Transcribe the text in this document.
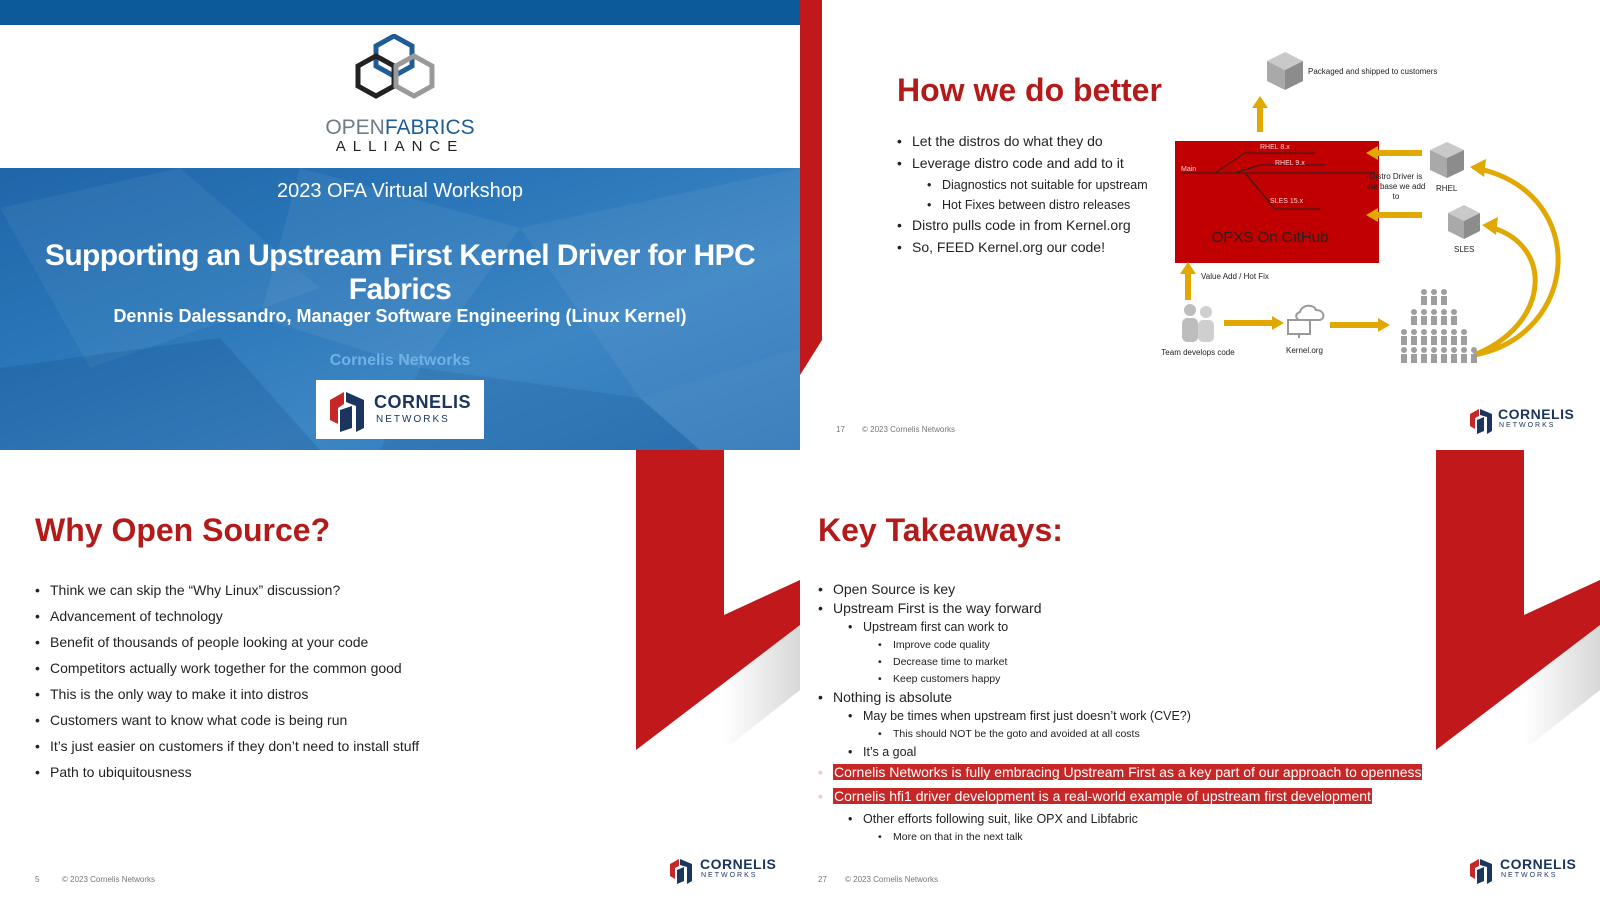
OPENFABRICS
ALLIANCE
2023 OFA Virtual Workshop
Supporting an Upstream First Kernel Driver for HPC Fabrics
Dennis Dalessandro, Manager Software Engineering (Linux Kernel)
Cornelis Networks
CORNELIS
NETWORKS
How we do better
• Let the distros do what they do
• Leverage distro code and add to it
• Diagnostics not suitable for upstream
• Hot Fixes between distro releases
• Distro pulls code in from Kernel.org
• So, FEED Kernel.org our code!
Packaged and shipped to customers
Main
RHEL 8.x
RHEL 9.x
SLES 15.x
OPXS On GitHub
Distro Driver is the base we add to
RHEL
SLES
Value Add / Hot Fix
Team develops code	Kernel.org
17 © 2023 Cornelis Networks
CORNELIS
NETWORKS
Why Open Source?
• Think we can skip the “Why Linux” discussion?
• Advancement of technology
• Benefit of thousands of people looking at your code
• Competitors actually work together for the common good
• This is the only way to make it into distros
• Customers want to know what code is being run
• It’s just easier on customers if they don’t need to install stuff
• Path to ubiquitousness
5	© 2023 Cornelis Networks
CORNELIS
NETWORKS
Key Takeaways:
• Open Source is key
• Upstream First is the way forward
• Upstream first can work to
• Improve code quality
• Decrease time to market
• Keep customers happy
• Nothing is absolute
• May be times when upstream first just doesn’t work (CVE?)
• This should NOT be the goto and avoided at all costs
• It’s a goal
• Cornelis Networks is fully embracing Upstream First as a key part of our approach to openness
• Cornelis hfi1 driver development is a real-world example of upstream first development
• Other efforts following suit, like OPX and Libfabric
• More on that in the next talk
27 © 2023 Cornelis Networks
CORNELIS
NETWORKS
